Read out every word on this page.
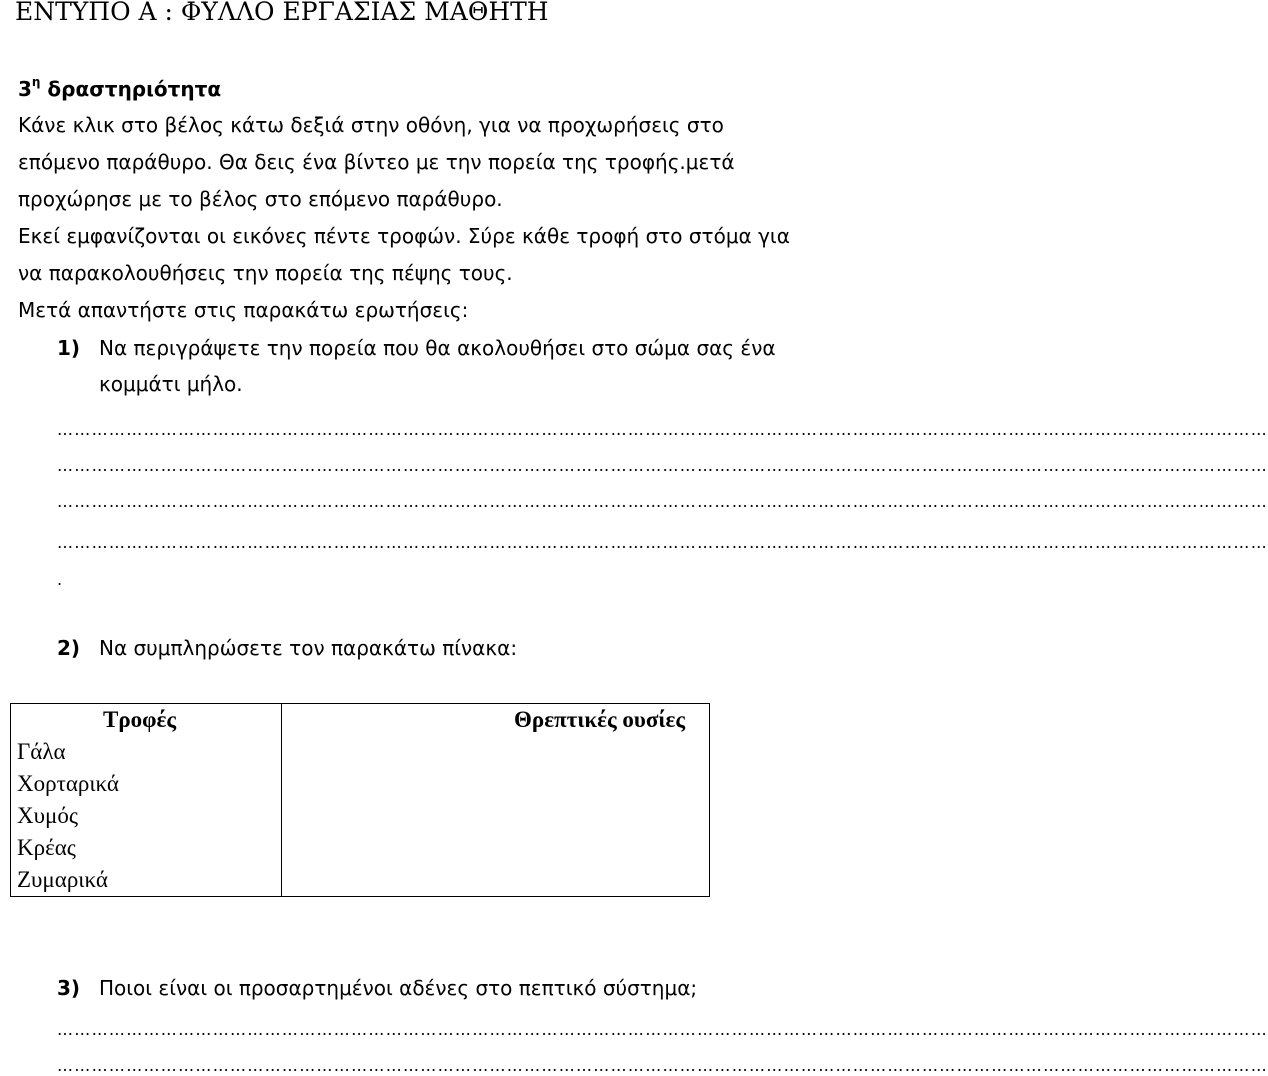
ΕΝΤΥΠΟ Α : ΦΥΛΛΟ ΕΡΓΑΣΙΑΣ ΜΑΘΗΤΗ
$3^\eta$ δραστηριότητα
Κάνε κλικ στο βέλος κάτω δεξιά στην οθόνη, για να προχωρήσεις στο
επόμενο παράθυρο. Θα δεις ένα βίντεο με την πορεία της τροφής.μετά
προχώρησε με το βέλος στο επόμενο παράθυρο.
Εκεί εμφανίζονται οι εικόνες πέντε τροφών. Σύρε κάθε τροφή στο στόμα για
να παρακολουθήσεις την πορεία της πέψης τους.
Μετά απαντήστε στις παρακάτω ερωτήσεις:
1) Να περιγράψετε την πορεία που θα ακολουθήσει στο σώμα σας ένα
κομμάτι μήλο.
…………………………………………………………………………………………………………………………………………………………………………………………
…………………………………………………………………………………………………………………………………………………………………………………………
…………………………………………………………………………………………………………………………………………………………………………………………
…………………………………………………………………………………………………………………………………………………………………………………………
.
2) Να συμπληρώσετε τον παρακάτω πίνακα:
Τροφές	Θρεπτικές ουσίες
Γάλα	
Χορταρικά	
Χυμός	
Κρέας	
Ζυμαρικά	
3) Ποιοι είναι οι προσαρτημένοι αδένες στο πεπτικό σύστημα;
…………………………………………………………………………………………………………………………………………………………………………………………
…………………………………………………………………………………………………………………………………………………………………………………………
